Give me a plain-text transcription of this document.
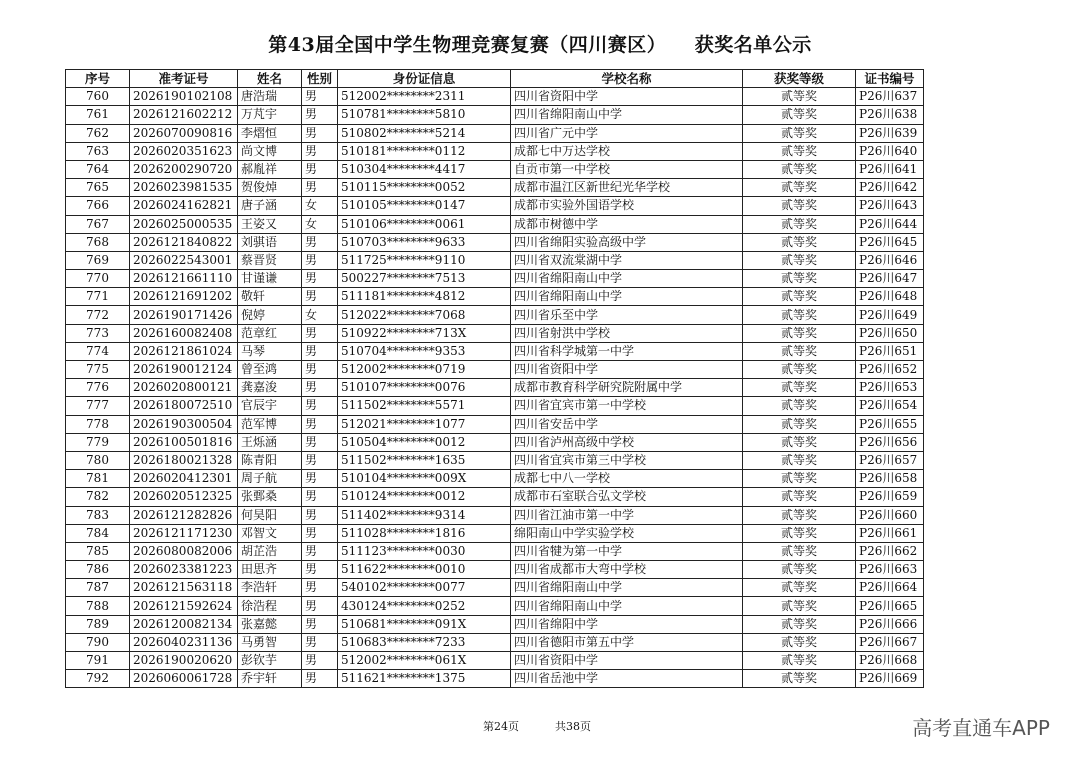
第43届全国中学生物理竞赛复赛（四川赛区）    获奖名单公示
序号	准考证号	姓名	性别	身份证信息	学校名称	获奖等级	证书编号
760	2026190102108	唐浩瑞	男	512002********2311	四川省资阳中学	贰等奖	P26川637
761	2026121602212	万芃宇	男	510781********5810	四川省绵阳南山中学	贰等奖	P26川638
762	2026070090816	李熠恒	男	510802********5214	四川省广元中学	贰等奖	P26川639
763	2026020351623	尚文博	男	510181********0112	成都七中万达学校	贰等奖	P26川640
764	2026200290720	郝胤祥	男	510304********4417	自贡市第一中学校	贰等奖	P26川641
765	2026023981535	贺俊焯	男	510115********0052	成都市温江区新世纪光华学校	贰等奖	P26川642
766	2026024162821	唐子涵	女	510105********0147	成都市实验外国语学校	贰等奖	P26川643
767	2026025000535	王姿又	女	510106********0061	成都市树德中学	贰等奖	P26川644
768	2026121840822	刘骐语	男	510703********9633	四川省绵阳实验高级中学	贰等奖	P26川645
769	2026022543001	蔡晋贤	男	511725********9110	四川省双流棠湖中学	贰等奖	P26川646
770	2026121661110	甘谨谦	男	500227********7513	四川省绵阳南山中学	贰等奖	P26川647
771	2026121691202	敬轩	男	511181********4812	四川省绵阳南山中学	贰等奖	P26川648
772	2026190171426	倪婷	女	512022********7068	四川省乐至中学	贰等奖	P26川649
773	2026160082408	范章红	男	510922********713X	四川省射洪中学校	贰等奖	P26川650
774	2026121861024	马琴	男	510704********9353	四川省科学城第一中学	贰等奖	P26川651
775	2026190012124	曾至鸿	男	512002********0719	四川省资阳中学	贰等奖	P26川652
776	2026020800121	龚嘉浚	男	510107********0076	成都市教育科学研究院附属中学	贰等奖	P26川653
777	2026180072510	官辰宇	男	511502********5571	四川省宜宾市第一中学校	贰等奖	P26川654
778	2026190300504	范军博	男	512021********1077	四川省安岳中学	贰等奖	P26川655
779	2026100501816	王烁涵	男	510504********0012	四川省泸州高级中学校	贰等奖	P26川656
780	2026180021328	陈青阳	男	511502********1635	四川省宜宾市第三中学校	贰等奖	P26川657
781	2026020412301	周子航	男	510104********009X	成都七中八一学校	贰等奖	P26川658
782	2026020512325	张鄄桑	男	510124********0012	成都市石室联合弘文学校	贰等奖	P26川659
783	2026121282826	何昊阳	男	511402********9314	四川省江油市第一中学	贰等奖	P26川660
784	2026121171230	邓智文	男	511028********1816	绵阳南山中学实验学校	贰等奖	P26川661
785	2026080082006	胡芷浩	男	511123********0030	四川省犍为第一中学	贰等奖	P26川662
786	2026023381223	田思齐	男	511622********0010	四川省成都市大弯中学校	贰等奖	P26川663
787	2026121563118	李浩轩	男	540102********0077	四川省绵阳南山中学	贰等奖	P26川664
788	2026121592624	徐浩程	男	430124********0252	四川省绵阳南山中学	贰等奖	P26川665
789	2026120082134	张嘉懿	男	510681********091X	四川省绵阳中学	贰等奖	P26川666
790	2026040231136	马勇智	男	510683********7233	四川省德阳市第五中学	贰等奖	P26川667
791	2026190020620	彭钦芋	男	512002********061X	四川省资阳中学	贰等奖	P26川668
792	2026060061728	乔宇轩	男	511621********1375	四川省岳池中学	贰等奖	P26川669
第24页	共38页	高考直通车APP
